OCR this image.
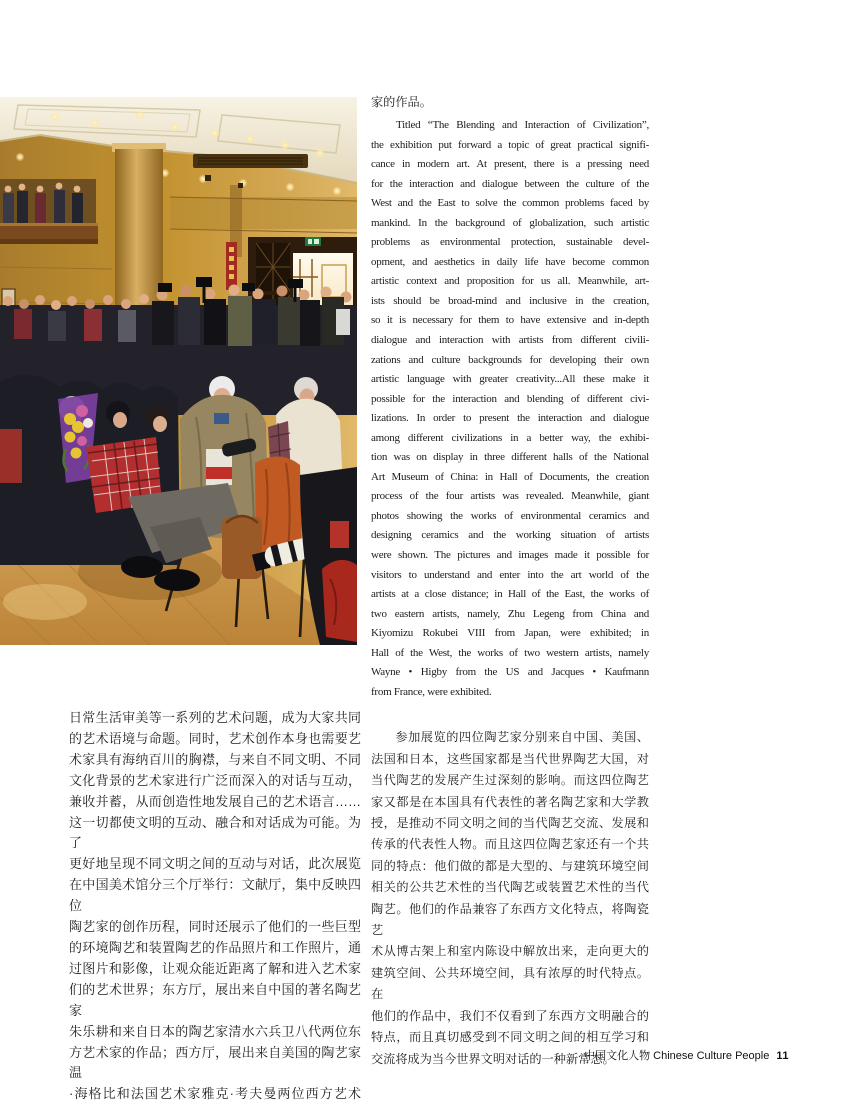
日常生活审美等一系列的艺术问题，成为大家共同
的艺术语境与命题。同时，艺术创作本身也需要艺
术家具有海纳百川的胸襟，与来自不同文明、不同
文化背景的艺术家进行广泛而深入的对话与互动，
兼收并蓄，从而创造性地发展自己的艺术语言……
这一切都使文明的互动、融合和对话成为可能。为了
更好地呈现不同文明之间的互动与对话，此次展览
在中国美术馆分三个厅举行：文献厅，集中反映四位
陶艺家的创作历程，同时还展示了他们的一些巨型
的环境陶艺和装置陶艺的作品照片和工作照片，通
过图片和影像，让观众能近距离了解和进入艺术家
们的艺术世界；东方厅，展出来自中国的著名陶艺家
朱乐耕和来自日本的陶艺家清水六兵卫八代两位东
方艺术家的作品；西方厅，展出来自美国的陶艺家温
·海格比和法国艺术家雅克·考夫曼两位西方艺术
家的作品。
Titled “The Blending and Interaction of Civilization”,
the exhibition put forward a topic of great practical signifi-
cance in modern art. At present, there is a pressing need
for the interaction and dialogue between the culture of the
West and the East to solve the common problems faced by
mankind. In the background of globalization, such artistic
problems as environmental protection, sustainable devel-
opment, and aesthetics in daily life have become common
artistic context and proposition for us all. Meanwhile, art-
ists should be broad-mind and inclusive in the creation,
so it is necessary for them to have extensive and in-depth
dialogue and interaction with artists from different civili-
zations and culture backgrounds for developing their own
artistic language with greater creativity...All these make it
possible for the interaction and blending of different civi-
lizations. In order to present the interaction and dialogue
among different civilizations in a better way, the exhibi-
tion was on display in three different halls of the National
Art Museum of China: in Hall of Documents, the creation
process of the four artists was revealed. Meanwhile, giant
photos showing the works of environmental ceramics and
designing ceramics and the working situation of artists
were shown. The pictures and images made it possible for
visitors to understand and enter into the art world of the
artists at a close distance; in Hall of the East, the works of
two eastern artists, namely, Zhu Legeng from China and
Kiyomizu Rokubei VIII from Japan, were exhibited; in
Hall of the West, the works of two western artists, namely
Wayne • Higby from the US and Jacques • Kaufmann
from France, were exhibited.
参加展览的四位陶艺家分别来自中国、美国、
法国和日本，这些国家都是当代世界陶艺大国，对
当代陶艺的发展产生过深刻的影响。而这四位陶艺
家又都是在本国具有代表性的著名陶艺家和大学教
授，是推动不同文明之间的当代陶艺交流、发展和
传承的代表性人物。而且这四位陶艺家还有一个共
同的特点：他们做的都是大型的、与建筑环境空间
相关的公共艺术性的当代陶艺或装置艺术性的当代
陶艺。他们的作品兼容了东西方文化特点，将陶瓷艺
术从博古架上和室内陈设中解放出来，走向更大的
建筑空间、公共环境空间，具有浓厚的时代特点。在
他们的作品中，我们不仅看到了东西方文明融合的
特点，而且真切感受到不同文明之间的相互学习和
交流将成为当今世界文明对话的一种新常态。
中国文化人物 Chinese Culture People 11
